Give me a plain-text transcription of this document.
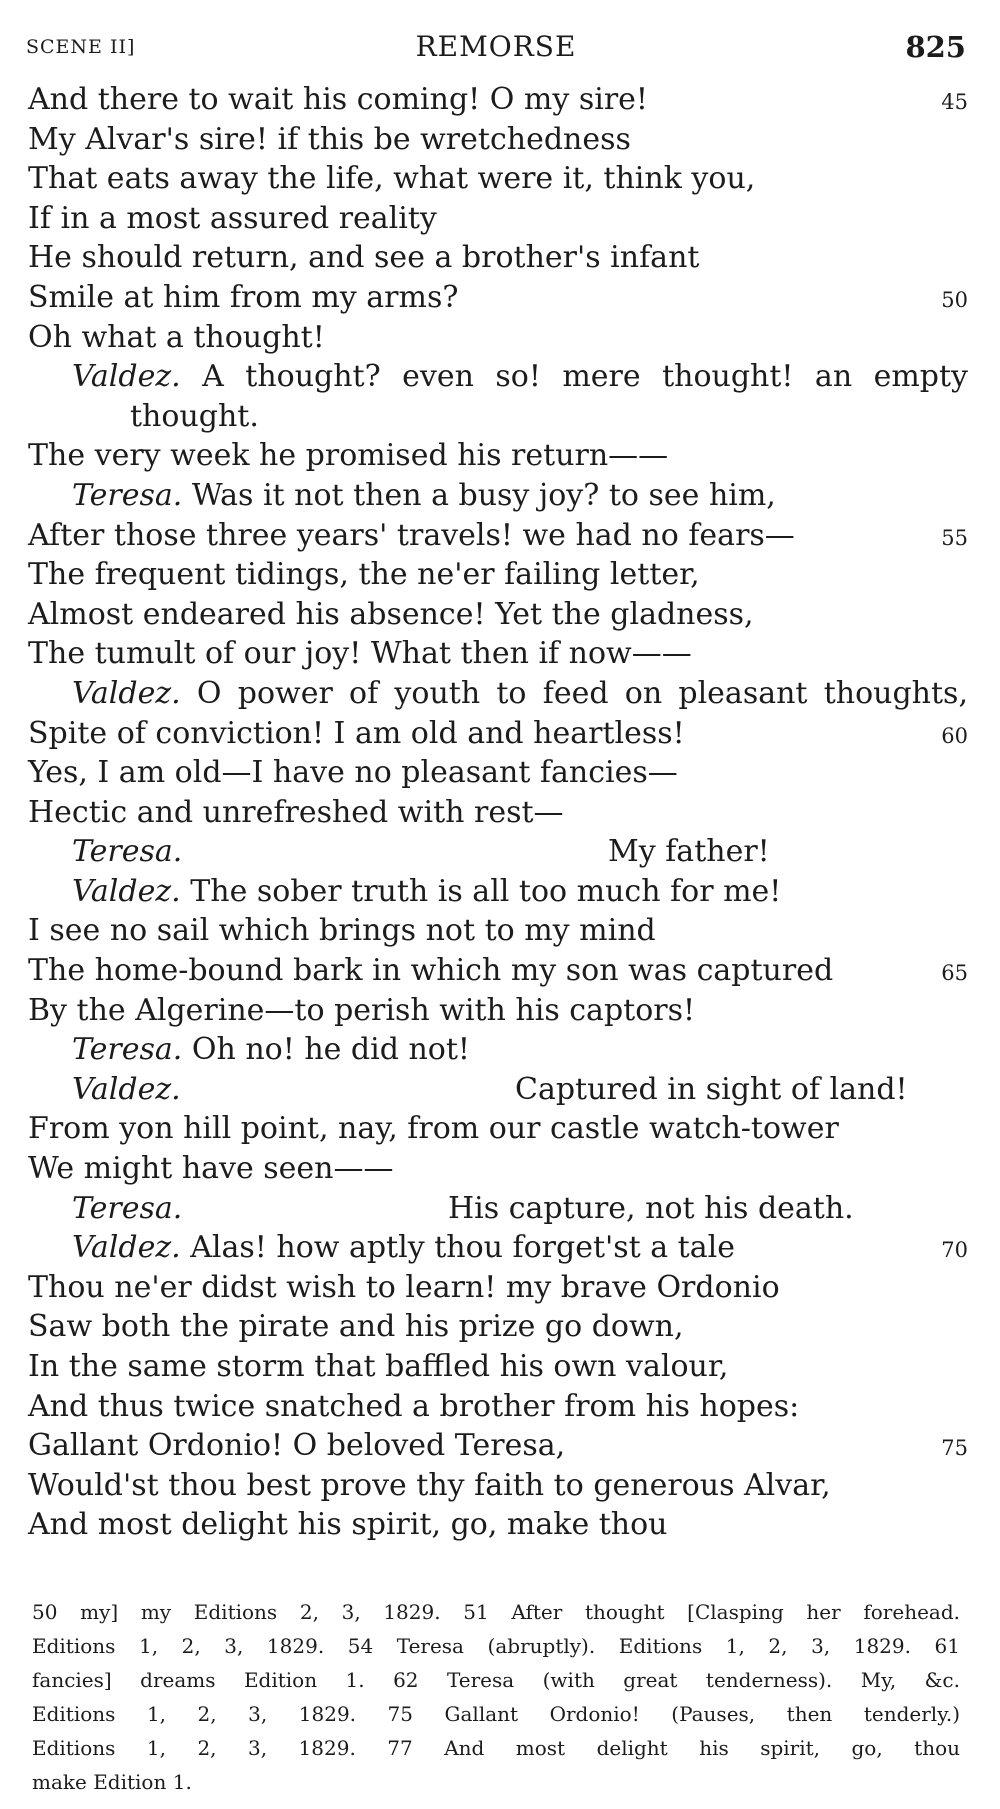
SCENE II]	REMORSE	825
And there to wait his coming! O my sire!	45
My Alvar's sire! if this be wretchedness
That eats away the life, what were it, think you,
If in a most assured reality
He should return, and see a brother's infant
Smile at him from my arms?	50
Oh what a thought!
Valdez. A thought? even so! mere thought! an empty
thought.
The very week he promised his return——
Teresa. Was it not then a busy joy? to see him,
After those three years' travels! we had no fears—	55
The frequent tidings, the ne'er failing letter,
Almost endeared his absence! Yet the gladness,
The tumult of our joy! What then if now——
Valdez. O power of youth to feed on pleasant thoughts,
Spite of conviction! I am old and heartless!	60
Yes, I am old—I have no pleasant fancies—
Hectic and unrefreshed with rest—
Teresa.	My father!
Valdez. The sober truth is all too much for me!
I see no sail which brings not to my mind
The home-bound bark in which my son was captured	65
By the Algerine—to perish with his captors!
Teresa. Oh no! he did not!
Valdez.	Captured in sight of land!
From yon hill point, nay, from our castle watch-tower
We might have seen——
Teresa.	His capture, not his death.
Valdez. Alas! how aptly thou forget'st a tale	70
Thou ne'er didst wish to learn! my brave Ordonio
Saw both the pirate and his prize go down,
In the same storm that baffled his own valour,
And thus twice snatched a brother from his hopes:
Gallant Ordonio! O beloved Teresa,	75
Would'st thou best prove thy faith to generous Alvar,
And most delight his spirit, go, make thou
50 my] my Editions 2, 3, 1829. 51 After thought [Clasping her forehead.
Editions 1, 2, 3, 1829. 54 Teresa (abruptly). Editions 1, 2, 3, 1829. 61
fancies] dreams Edition 1. 62 Teresa (with great tenderness). My, &c.
Editions 1, 2, 3, 1829. 75 Gallant Ordonio! (Pauses, then tenderly.)
Editions 1, 2, 3, 1829. 77 And most delight his spirit, go, thou
make Edition 1.
